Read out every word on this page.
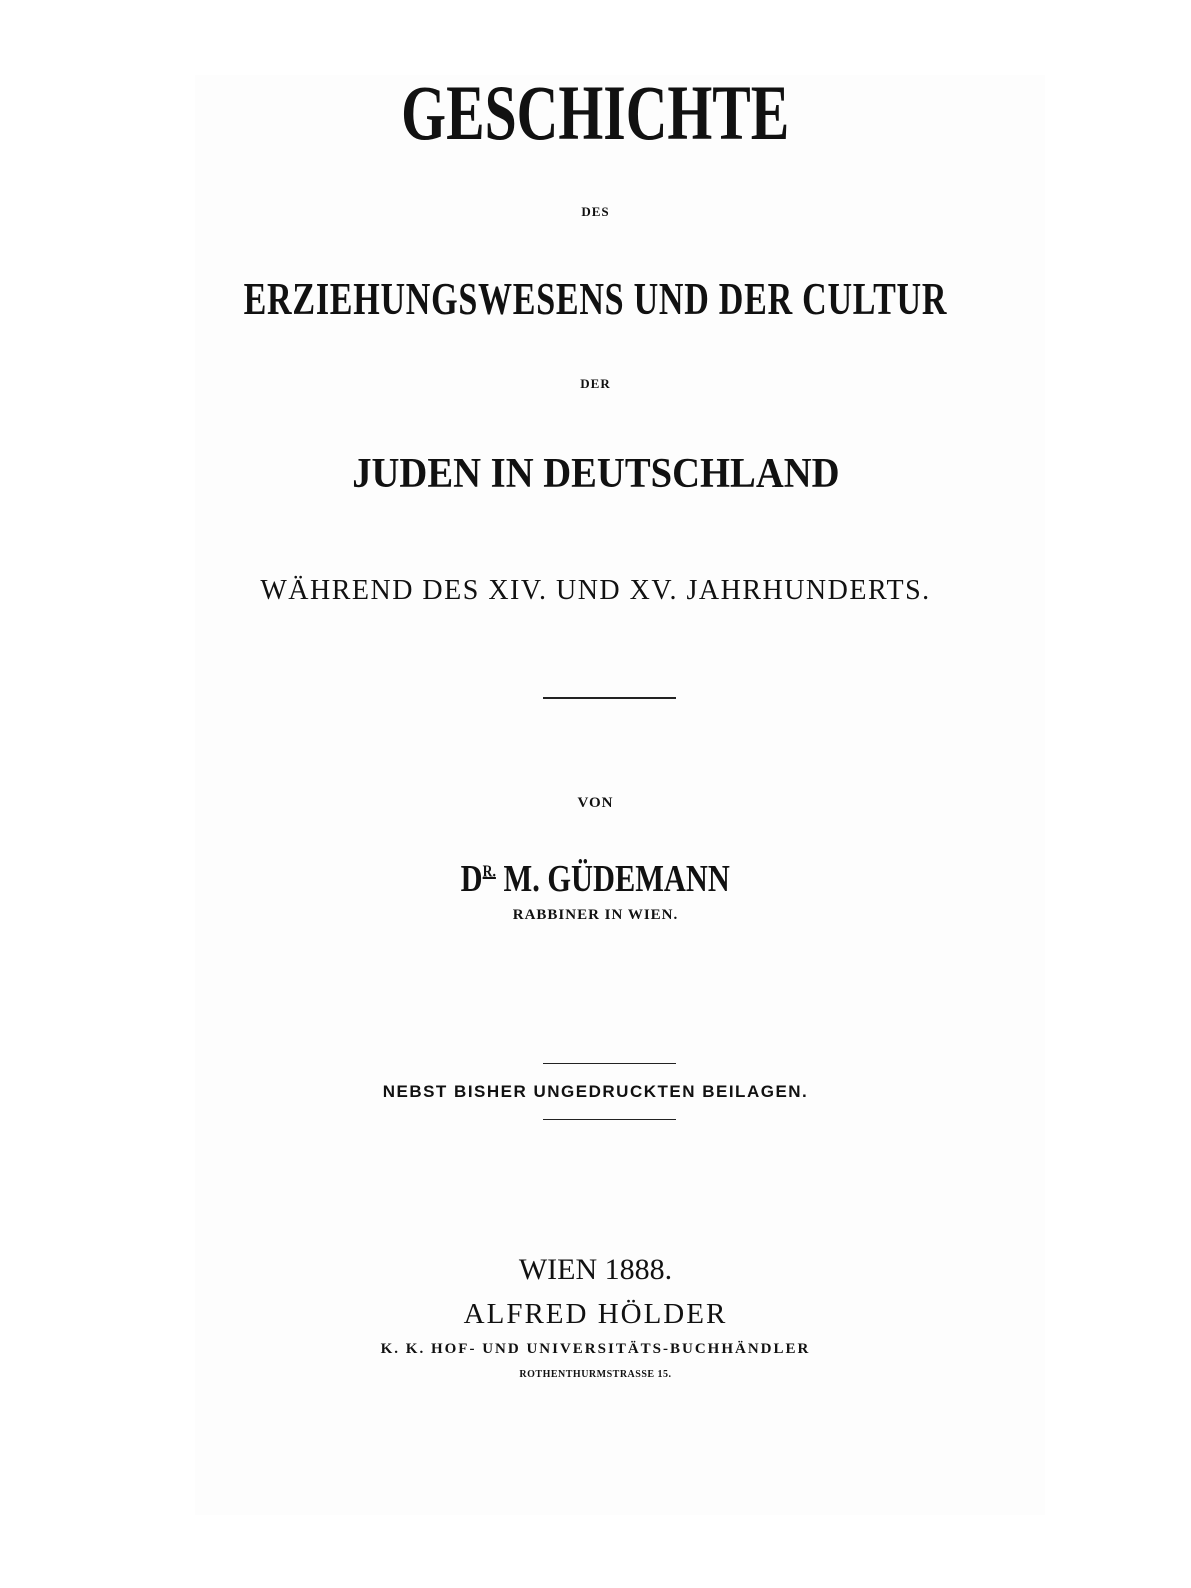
GESCHICHTE
DES
ERZIEHUNGSWESENS UND DER CULTUR
DER
JUDEN IN DEUTSCHLAND
WÄHREND DES XIV. UND XV. JAHRHUNDERTS.
VON
$D^{R.}$ M. GÜDEMANN
RABBINER IN WIEN.
NEBST BISHER UNGEDRUCKTEN BEILAGEN.
WIEN 1888.
ALFRED HÖLDER
K. K. HOF- UND UNIVERSITÄTS-BUCHHÄNDLER
ROTHENTHURMSTRASSE 15.
